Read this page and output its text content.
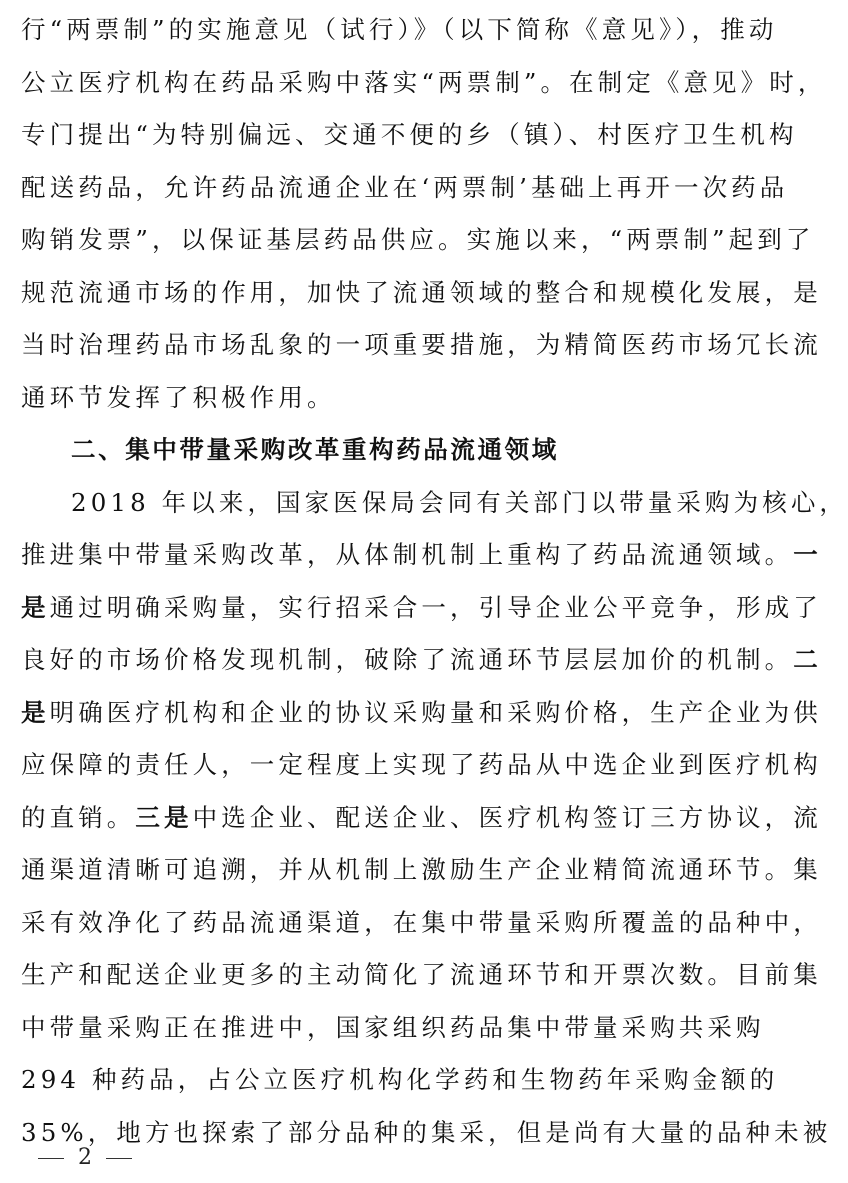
行“两票制”的实施意见（试行）》（以下简称《意见》），推动
公立医疗机构在药品采购中落实“两票制”。在制定《意见》时，
专门提出“为特别偏远、交通不便的乡（镇）、村医疗卫生机构
配送药品，允许药品流通企业在‘两票制’基础上再开一次药品
购销发票”，以保证基层药品供应。实施以来，“两票制”起到了
规范流通市场的作用，加快了流通领域的整合和规模化发展，是
当时治理药品市场乱象的一项重要措施，为精简医药市场冗长流
通环节发挥了积极作用。
二、集中带量采购改革重构药品流通领域
2018 年以来，国家医保局会同有关部门以带量采购为核心，
推进集中带量采购改革，从体制机制上重构了药品流通领域。一
是通过明确采购量，实行招采合一，引导企业公平竞争，形成了
良好的市场价格发现机制，破除了流通环节层层加价的机制。二
是明确医疗机构和企业的协议采购量和采购价格，生产企业为供
应保障的责任人，一定程度上实现了药品从中选企业到医疗机构
的直销。三是中选企业、配送企业、医疗机构签订三方协议，流
通渠道清晰可追溯，并从机制上激励生产企业精简流通环节。集
采有效净化了药品流通渠道，在集中带量采购所覆盖的品种中，
生产和配送企业更多的主动简化了流通环节和开票次数。目前集
中带量采购正在推进中，国家组织药品集中带量采购共采购
294 种药品，占公立医疗机构化学药和生物药年采购金额的
35%，地方也探索了部分品种的集采，但是尚有大量的品种未被
2
